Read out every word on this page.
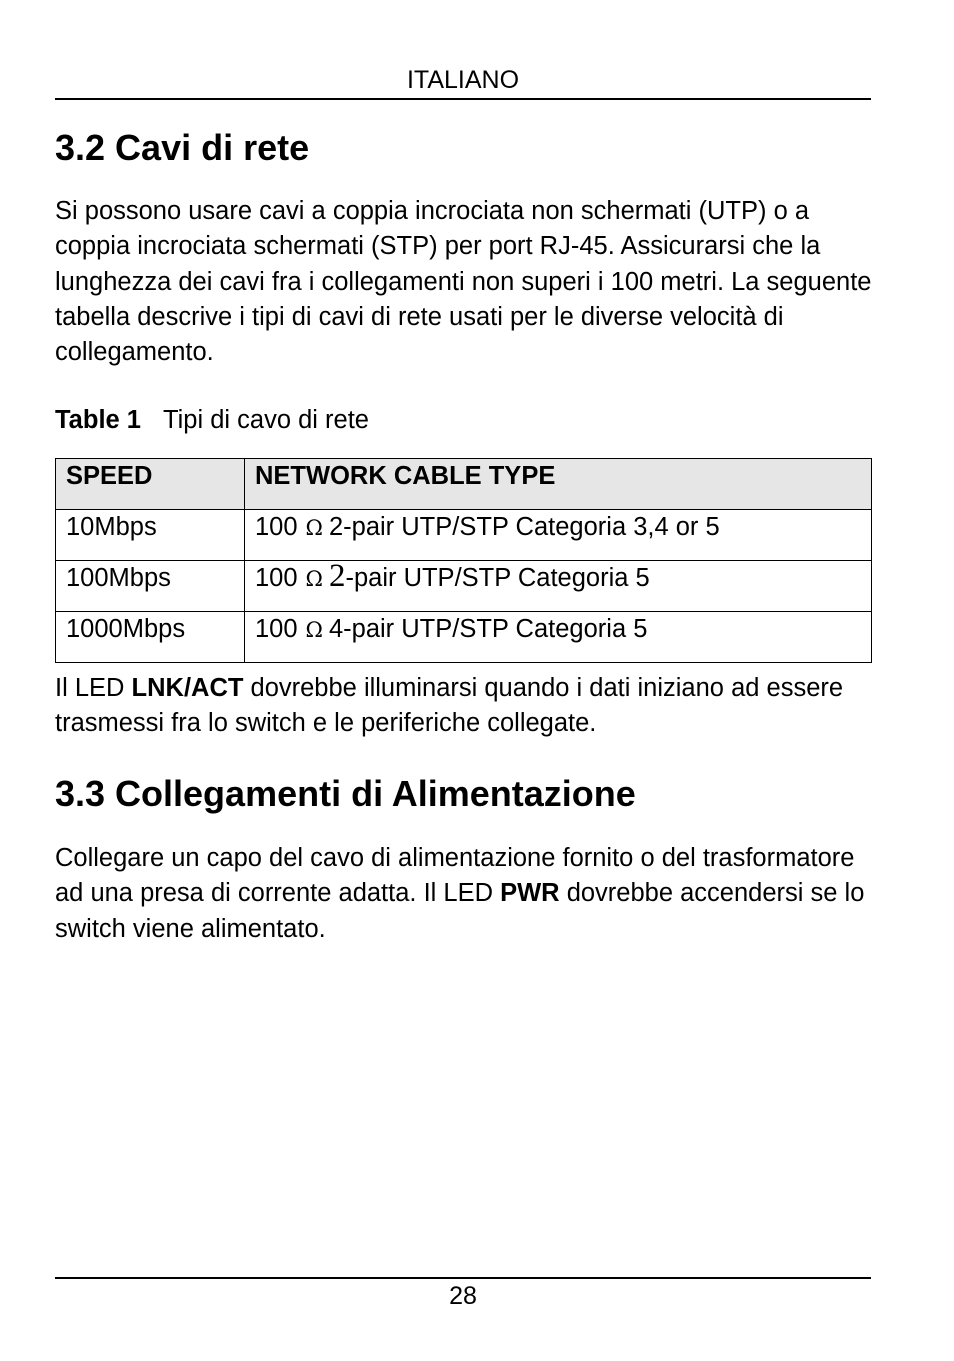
ITALIANO
3.2 Cavi di rete

Si possono usare cavi a coppia incrociata non schermati (UTP) o a coppia incrociata schermati (STP) per port RJ-45. Assicurarsi che la lunghezza dei cavi fra i collegamenti non superi i 100 metri. La seguente tabella descrive i tipi di cavi di rete usati per le diverse velocità di collegamento.

Table 1 Tipi di cavo di rete
SPEED	NETWORK CABLE TYPE
10Mbps	100 Ω 2-pair UTP/STP Categoria 3,4 or 5
100Mbps	100 Ω 2-pair UTP/STP Categoria 5
1000Mbps	100 Ω 4-pair UTP/STP Categoria 5

Il LED LNK/ACT dovrebbe illuminarsi quando i dati iniziano ad essere trasmessi fra lo switch e le periferiche collegate.

3.3 Collegamenti di Alimentazione

Collegare un capo del cavo di alimentazione fornito o del trasformatore ad una presa di corrente adatta. Il LED PWR dovrebbe accendersi se lo switch viene alimentato.

28
